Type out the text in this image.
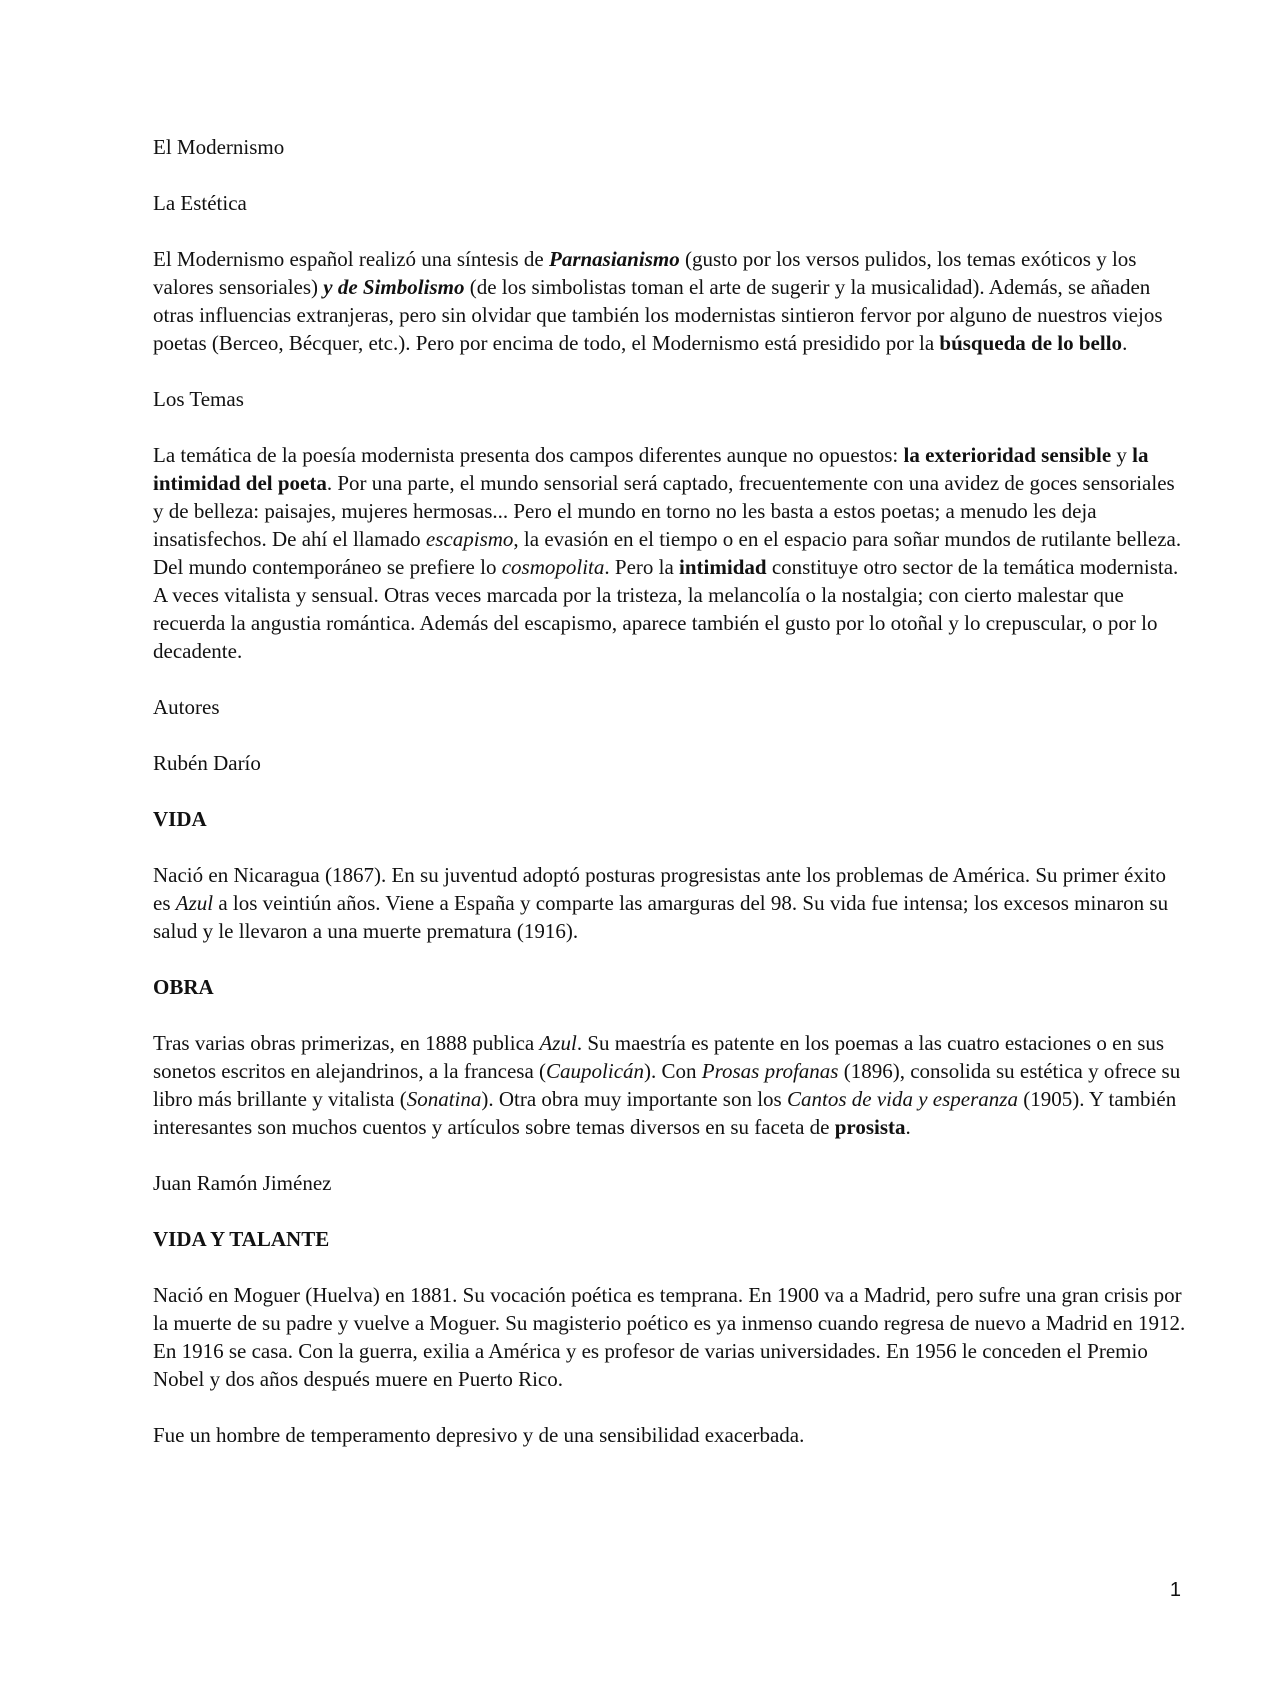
El Modernismo

La Estética

El Modernismo español realizó una síntesis de Parnasianismo (gusto por los versos pulidos, los temas exóticos y los valores sensoriales) y de Simbolismo (de los simbolistas toman el arte de sugerir y la musicalidad). Además, se añaden otras influencias extranjeras, pero sin olvidar que también los modernistas sintieron fervor por alguno de nuestros viejos poetas (Berceo, Bécquer, etc.). Pero por encima de todo, el Modernismo está presidido por la búsqueda de lo bello.

Los Temas

La temática de la poesía modernista presenta dos campos diferentes aunque no opuestos: la exterioridad sensible y la intimidad del poeta. Por una parte, el mundo sensorial será captado, frecuentemente con una avidez de goces sensoriales y de belleza: paisajes, mujeres hermosas... Pero el mundo en torno no les basta a estos poetas; a menudo les deja insatisfechos. De ahí el llamado escapismo, la evasión en el tiempo o en el espacio para soñar mundos de rutilante belleza. Del mundo contemporáneo se prefiere lo cosmopolita. Pero la intimidad constituye otro sector de la temática modernista. A veces vitalista y sensual. Otras veces marcada por la tristeza, la melancolía o la nostalgia; con cierto malestar que recuerda la angustia romántica. Además del escapismo, aparece también el gusto por lo otoñal y lo crepuscular, o por lo decadente.

Autores

Rubén Darío

VIDA

Nació en Nicaragua (1867). En su juventud adoptó posturas progresistas ante los problemas de América. Su primer éxito es Azul a los veintiún años. Viene a España y comparte las amarguras del 98. Su vida fue intensa; los excesos minaron su salud y le llevaron a una muerte prematura (1916).

OBRA

Tras varias obras primerizas, en 1888 publica Azul. Su maestría es patente en los poemas a las cuatro estaciones o en sus sonetos escritos en alejandrinos, a la francesa (Caupolicán). Con Prosas profanas (1896), consolida su estética y ofrece su libro más brillante y vitalista (Sonatina). Otra obra muy importante son los Cantos de vida y esperanza (1905). Y también interesantes son muchos cuentos y artículos sobre temas diversos en su faceta de prosista.

Juan Ramón Jiménez

VIDA Y TALANTE

Nació en Moguer (Huelva) en 1881. Su vocación poética es temprana. En 1900 va a Madrid, pero sufre una gran crisis por la muerte de su padre y vuelve a Moguer. Su magisterio poético es ya inmenso cuando regresa de nuevo a Madrid en 1912. En 1916 se casa. Con la guerra, exilia a América y es profesor de varias universidades. En 1956 le conceden el Premio Nobel y dos años después muere en Puerto Rico.

Fue un hombre de temperamento depresivo y de una sensibilidad exacerbada.

1
